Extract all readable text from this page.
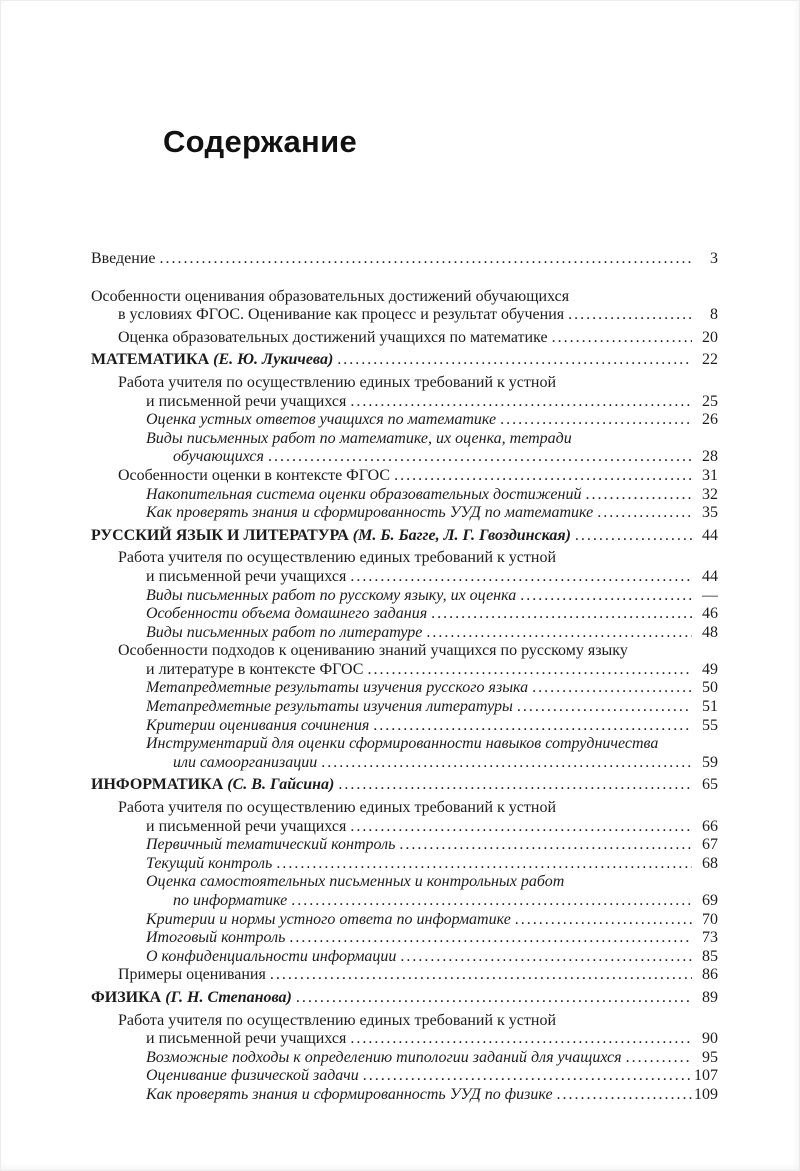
Содержание
Введение .....	3
Особенности оценивания образовательных достижений обучающихся
в условиях ФГОС. Оценивание как процесс и результат обучения .....	8
Оценка образовательных достижений учащихся по математике .....	20
МАТЕМАТИКА (Е. Ю. Лукичева) .....	22
Работа учителя по осуществлению единых требований к устной
и письменной речи учащихся .....	25
Оценка устных ответов учащихся по математике .....	26
Виды письменных работ по математике, их оценка, тетради
обучающихся .....	28
Особенности оценки в контексте ФГОС .....	31
Накопительная система оценки образовательных достижений .....	32
Как проверять знания и сформированность УУД по математике .....	35
РУССКИЙ ЯЗЫК И ЛИТЕРАТУРА (М. Б. Багге, Л. Г. Гвоздинская) .....	44
Работа учителя по осуществлению единых требований к устной
и письменной речи учащихся .....	44
Виды письменных работ по русскому языку, их оценка .....	—
Особенности объема домашнего задания .....	46
Виды письменных работ по литературе .....	48
Особенности подходов к оцениванию знаний учащихся по русскому языку
и литературе в контексте ФГОС .....	49
Метапредметные результаты изучения русского языка .....	50
Метапредметные результаты изучения литературы .....	51
Критерии оценивания сочинения .....	55
Инструментарий для оценки сформированности навыков сотрудничества
или самоорганизации .....	59
ИНФОРМАТИКА (С. В. Гайсина) .....	65
Работа учителя по осуществлению единых требований к устной
и письменной речи учащихся .....	66
Первичный тематический контроль .....	67
Текущий контроль .....	68
Оценка самостоятельных письменных и контрольных работ
по информатике .....	69
Критерии и нормы устного ответа по информатике .....	70
Итоговый контроль .....	73
О конфиденциальности информации .....	85
Примеры оценивания .....	86
ФИЗИКА (Г. Н. Степанова) .....	89
Работа учителя по осуществлению единых требований к устной
и письменной речи учащихся .....	90
Возможные подходы к определению типологии заданий для учащихся .....	95
Оценивание физической задачи .....	107
Как проверять знания и сформированность УУД по физике .....	109
